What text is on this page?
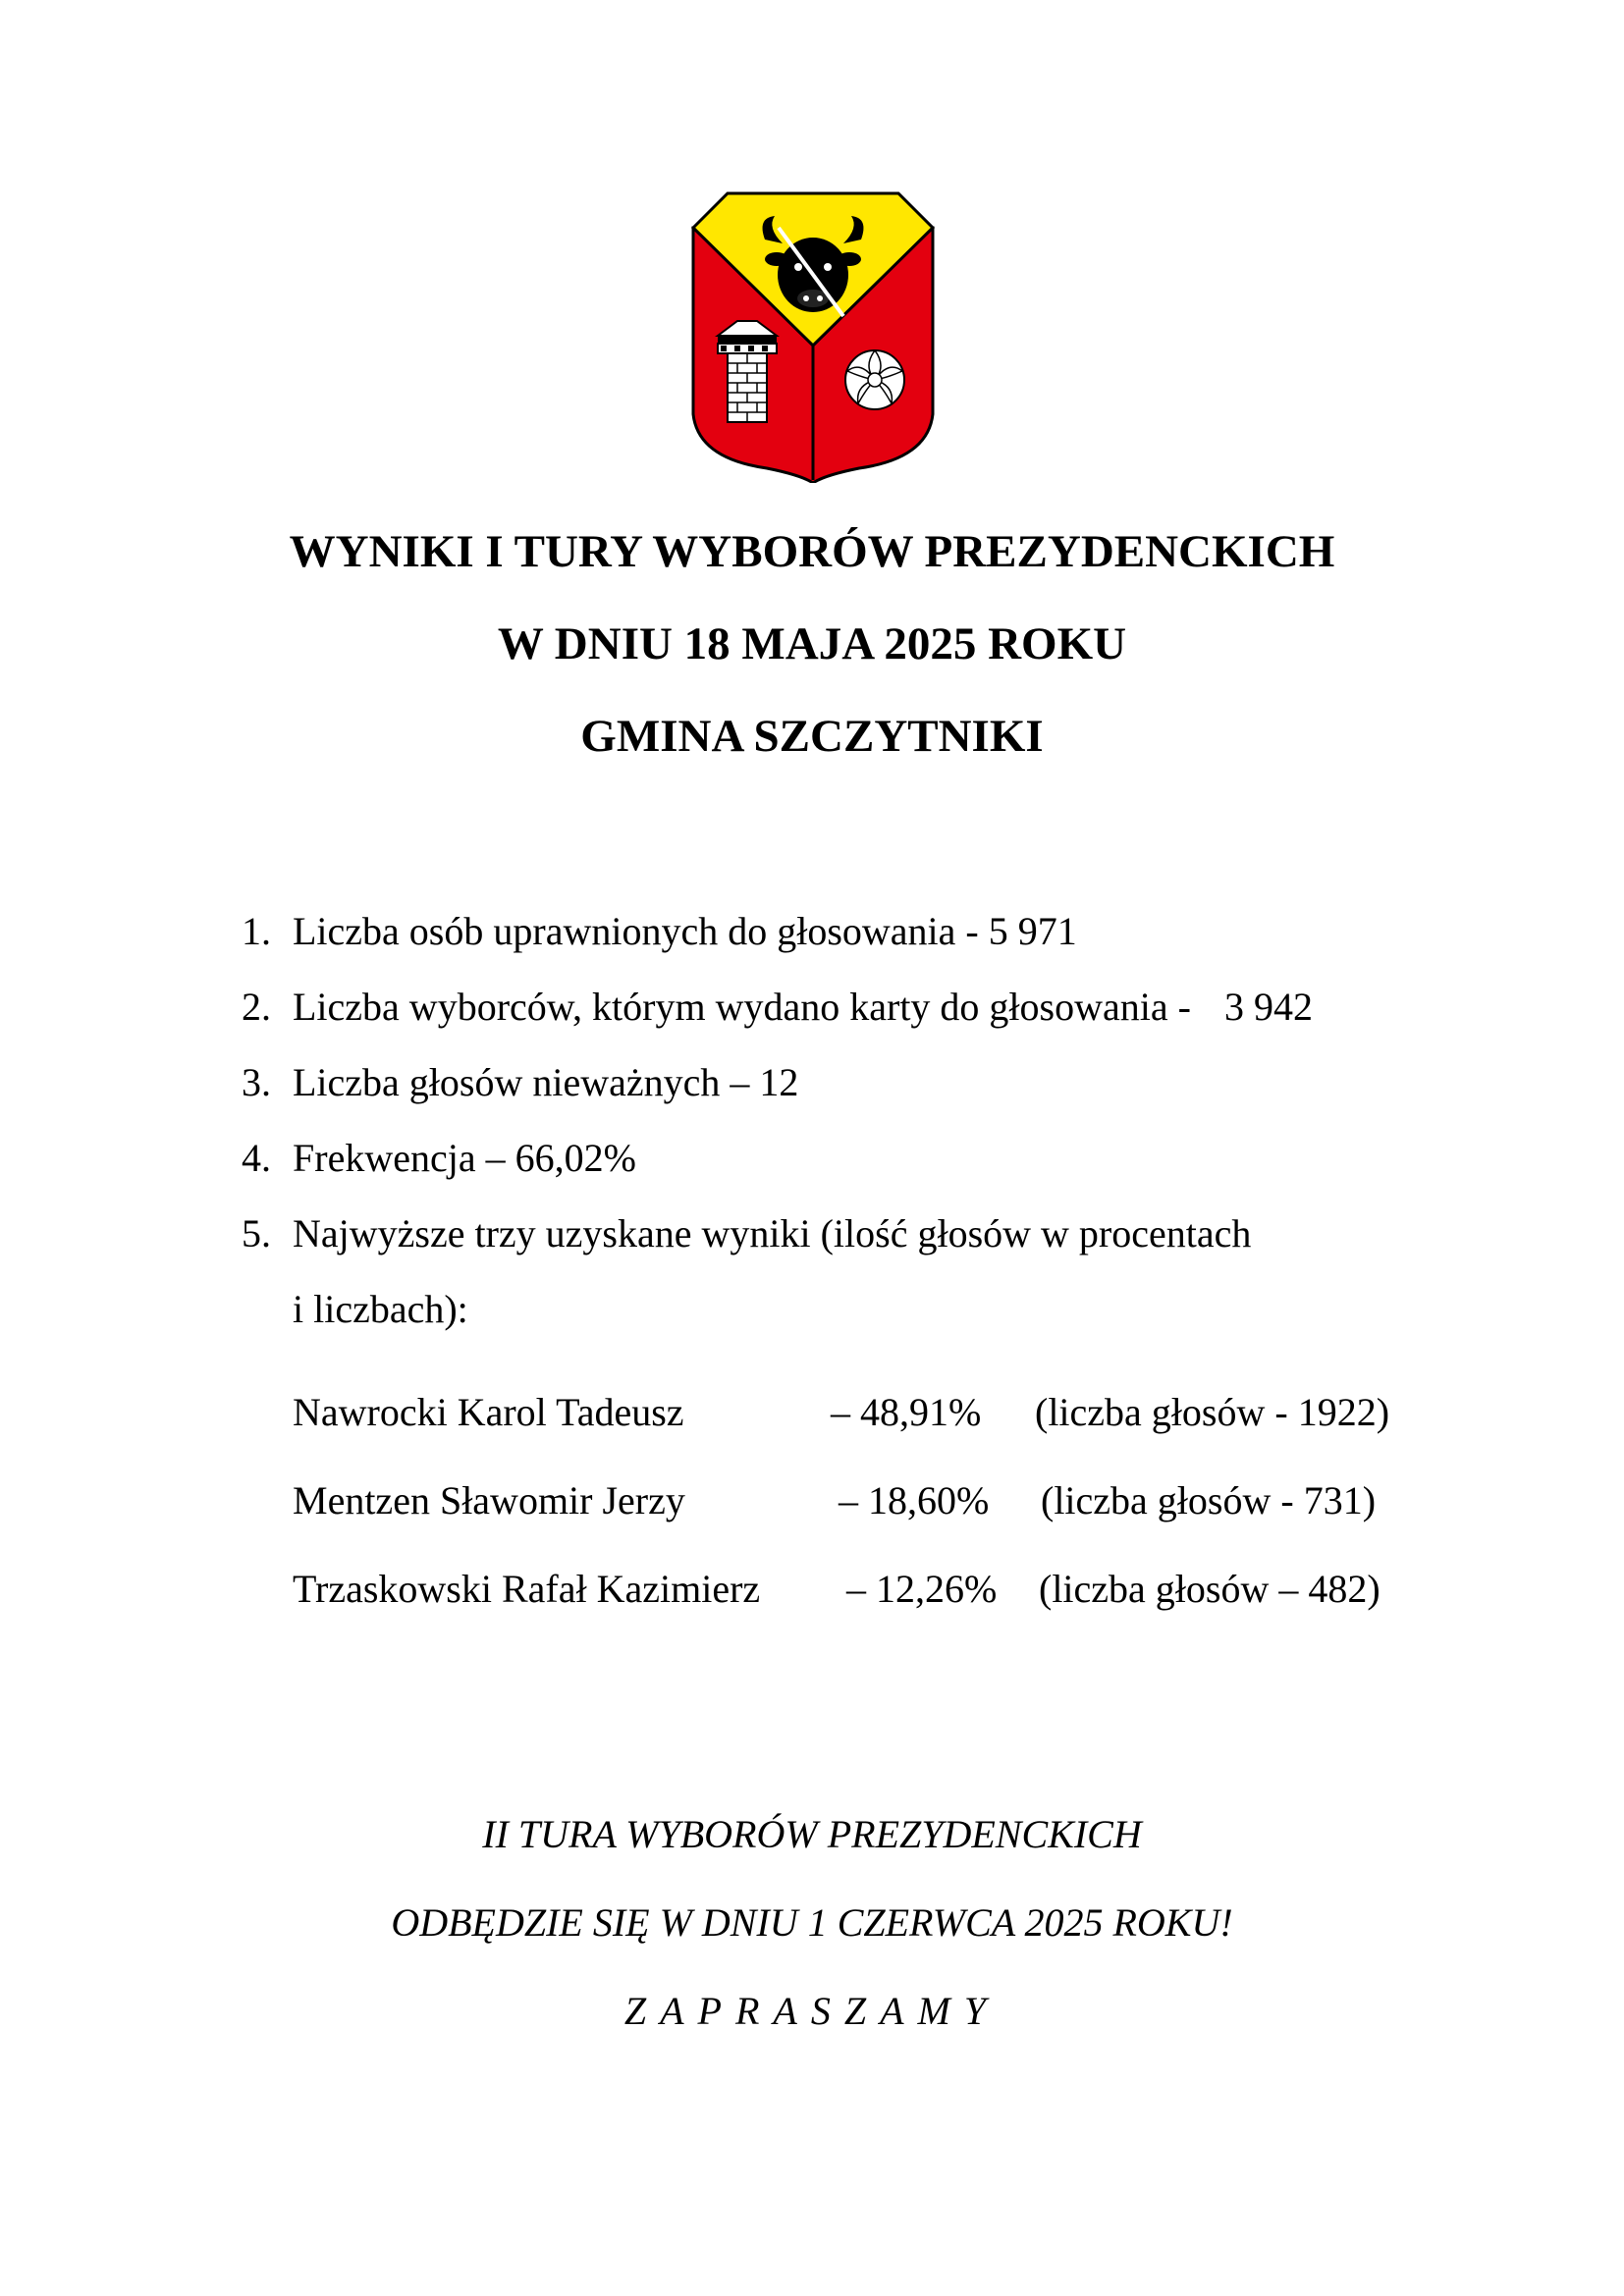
WYNIKI I TURY WYBORÓW PREZYDENCKICH
W DNIU 18 MAJA 2025 ROKU
GMINA SZCZYTNIKI
1. Liczba osób uprawnionych do głosowania - 5 971
2. Liczba wyborców, którym wydano karty do głosowania - 3 942
3. Liczba głosów nieważnych – 12
4. Frekwencja – 66,02%
5. Najwyższe trzy uzyskane wyniki (ilość głosów w procentach
i liczbach):
Nawrocki Karol Tadeusz	– 48,91% (liczba głosów - 1922)
Mentzen Sławomir Jerzy	– 18,60% (liczba głosów - 731)
Trzaskowski Rafał Kazimierz – 12,26% (liczba głosów – 482)

II TURA WYBORÓW PREZYDENCKICH

ODBĘDZIE SIĘ W DNIU 1 CZERWCA 2025 ROKU!

ZAPRASZAMY
